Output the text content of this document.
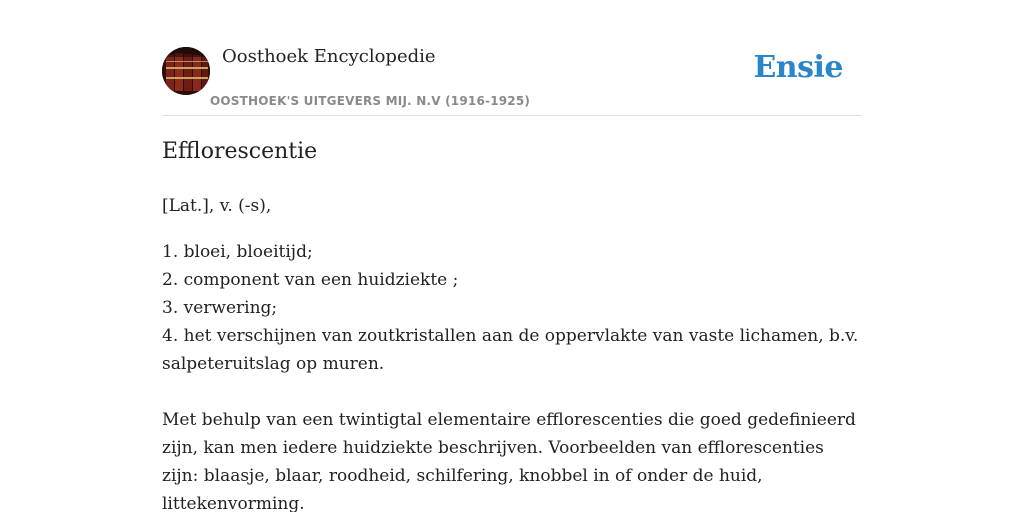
Oosthoek Encyclopedie
OOSTHOEK'S UITGEVERS MIJ. N.V (1916-1925)
Ensie
Efflorescentie

[Lat.], v. (-s),

1. bloei, bloeitijd;
2. component van een huidziekte ;
3. verwering;
4. het verschijnen van zoutkristallen aan de oppervlakte van vaste lichamen, b.v. salpeteruitslag op muren.

Met behulp van een twintigtal elementaire efflorescenties die goed gedefinieerd zijn, kan men iedere huidziekte beschrijven. Voorbeelden van efflorescenties zijn: blaasje, blaar, roodheid, schilfering, knobbel in of onder de huid, littekenvorming.
